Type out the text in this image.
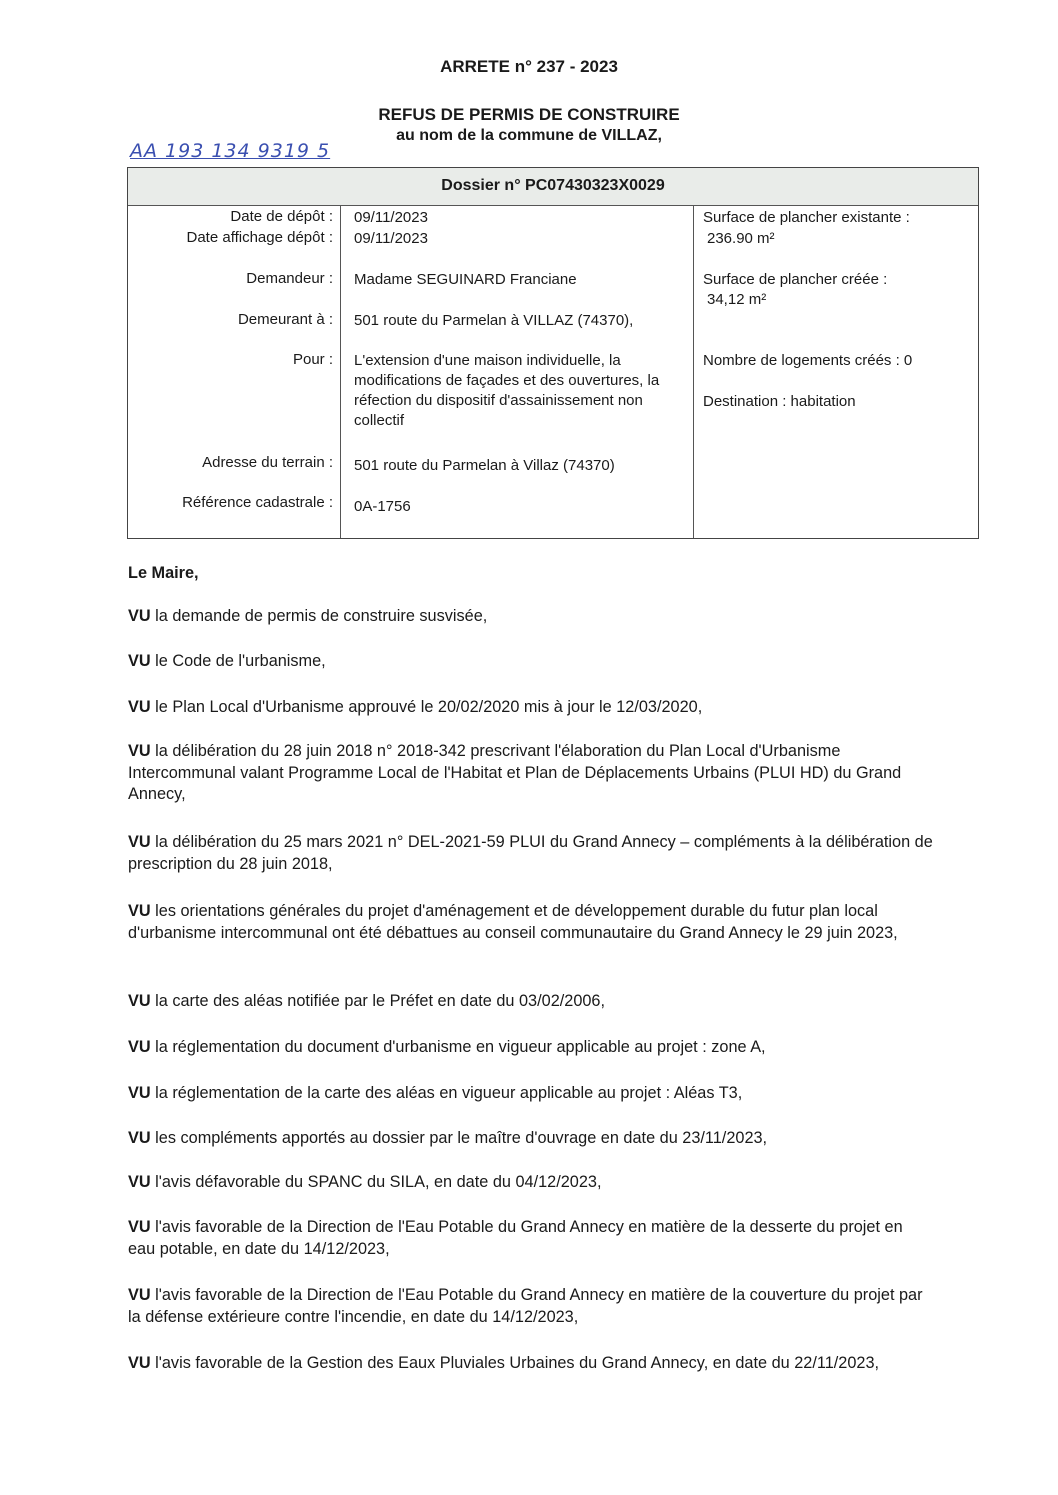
ARRETE n° 237 - 2023
REFUS DE PERMIS DE CONSTRUIRE
au nom de la commune de VILLAZ,
AA 193 134 9319 5
Dossier n° PC07430323X0029
Date de dépôt : 09/11/2023
Date affichage dépôt : 09/11/2023
Demandeur : Madame SEGUINARD Franciane
Demeurant à : 501 route du Parmelan à VILLAZ (74370),
Pour : L'extension d'une maison individuelle, la modifications de façades et des ouvertures, la réfection du dispositif d'assainissement non collectif
Adresse du terrain : 501 route du Parmelan à Villaz (74370)
Référence cadastrale : 0A-1756
Surface de plancher existante :
236.90 m²
Surface de plancher créée :
34,12 m²
Nombre de logements créés : 0
Destination : habitation
Le Maire,
VU la demande de permis de construire susvisée,
VU le Code de l'urbanisme,
VU le Plan Local d'Urbanisme approuvé le 20/02/2020 mis à jour le 12/03/2020,
VU la délibération du 28 juin 2018 n° 2018-342 prescrivant l'élaboration du Plan Local d'Urbanisme Intercommunal valant Programme Local de l'Habitat et Plan de Déplacements Urbains (PLUI HD) du Grand Annecy,
VU la délibération du 25 mars 2021 n° DEL-2021-59 PLUI du Grand Annecy – compléments à la délibération de prescription du 28 juin 2018,
VU les orientations générales du projet d'aménagement et de développement durable du futur plan local d'urbanisme intercommunal ont été débattues au conseil communautaire du Grand Annecy le 29 juin 2023,
VU la carte des aléas notifiée par le Préfet en date du 03/02/2006,
VU la réglementation du document d'urbanisme en vigueur applicable au projet : zone A,
VU la réglementation de la carte des aléas en vigueur applicable au projet : Aléas T3,
VU les compléments apportés au dossier par le maître d'ouvrage en date du 23/11/2023,
VU l'avis défavorable du SPANC du SILA, en date du 04/12/2023,
VU l'avis favorable de la Direction de l'Eau Potable du Grand Annecy en matière de la desserte du projet en eau potable, en date du 14/12/2023,
VU l'avis favorable de la Direction de l'Eau Potable du Grand Annecy en matière de la couverture du projet par la défense extérieure contre l'incendie, en date du 14/12/2023,
VU l'avis favorable de la Gestion des Eaux Pluviales Urbaines du Grand Annecy, en date du 22/11/2023,
